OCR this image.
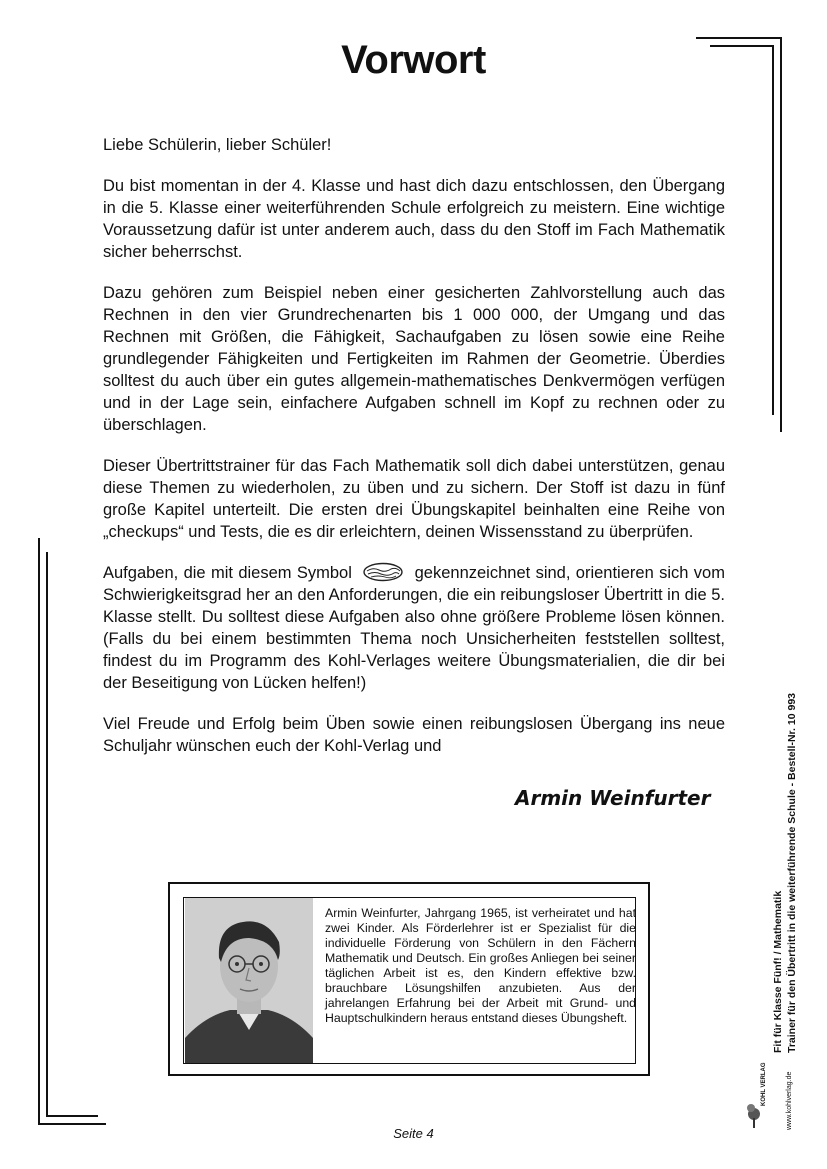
Vorwort

Liebe Schülerin, lieber Schüler!

Du bist momentan in der 4. Klasse und hast dich dazu entschlossen, den Übergang in die 5. Klasse einer weiterführenden Schule erfolgreich zu meistern. Eine wichtige Voraussetzung dafür ist unter anderem auch, dass du den Stoff im Fach Mathematik sicher beherrschst.

Dazu gehören zum Beispiel neben einer gesicherten Zahlvorstellung auch das Rechnen in den vier Grundrechenarten bis 1 000 000, der Umgang und das Rechnen mit Größen, die Fähigkeit, Sachaufgaben zu lösen sowie eine Reihe grundlegender Fähigkeiten und Fertigkeiten im Rahmen der Geometrie. Überdies solltest du auch über ein gutes allgemein-mathematisches Denkvermögen verfügen und in der Lage sein, einfachere Aufgaben schnell im Kopf zu rechnen oder zu überschlagen.

Dieser Übertrittstrainer für das Fach Mathematik soll dich dabei unterstützen, genau diese Themen zu wiederholen, zu üben und zu sichern. Der Stoff ist dazu in fünf große Kapitel unterteilt. Die ersten drei Übungskapitel beinhalten eine Reihe von „checkups“ und Tests, die es dir erleichtern, deinen Wissensstand zu überprüfen.

Aufgaben, die mit diesem Symbol	gekennzeichnet sind, orientieren sich vom Schwierigkeitsgrad her an den Anforderungen, die ein reibungsloser Übertritt in die 5. Klasse stellt. Du solltest diese Aufgaben also ohne größere Probleme lösen können. (Falls du bei einem bestimmten Thema noch Unsicherheiten feststellen solltest, findest du im Programm des Kohl-Verlages weitere Übungsmaterialien, die dir bei der Beseitigung von Lücken helfen!)

Viel Freude und Erfolg beim Üben sowie einen reibungslosen Übergang ins neue Schuljahr wünschen euch der Kohl-Verlag und

Armin Weinfurter
Armin Weinfurter, Jahrgang 1965, ist verheiratet und hat zwei Kinder. Als Förderlehrer ist er Spezialist für die individuelle Förderung von Schülern in den Fächern Mathematik und Deutsch. Ein großes Anliegen bei seiner täglichen Arbeit ist es, den Kindern effektive bzw. brauchbare Lösungshilfen anzubieten. Aus der jahrelangen Erfahrung bei der Arbeit mit Grund- und Hauptschulkindern heraus entstand dieses Übungsheft.	Fit für Klasse Fünf! / Mathematik Trainer für den Übertritt in die weiterführende Schule - Bestell-Nr. 10 993
www.kohlverlag.de
KOHL VERLAG
Seite 4
